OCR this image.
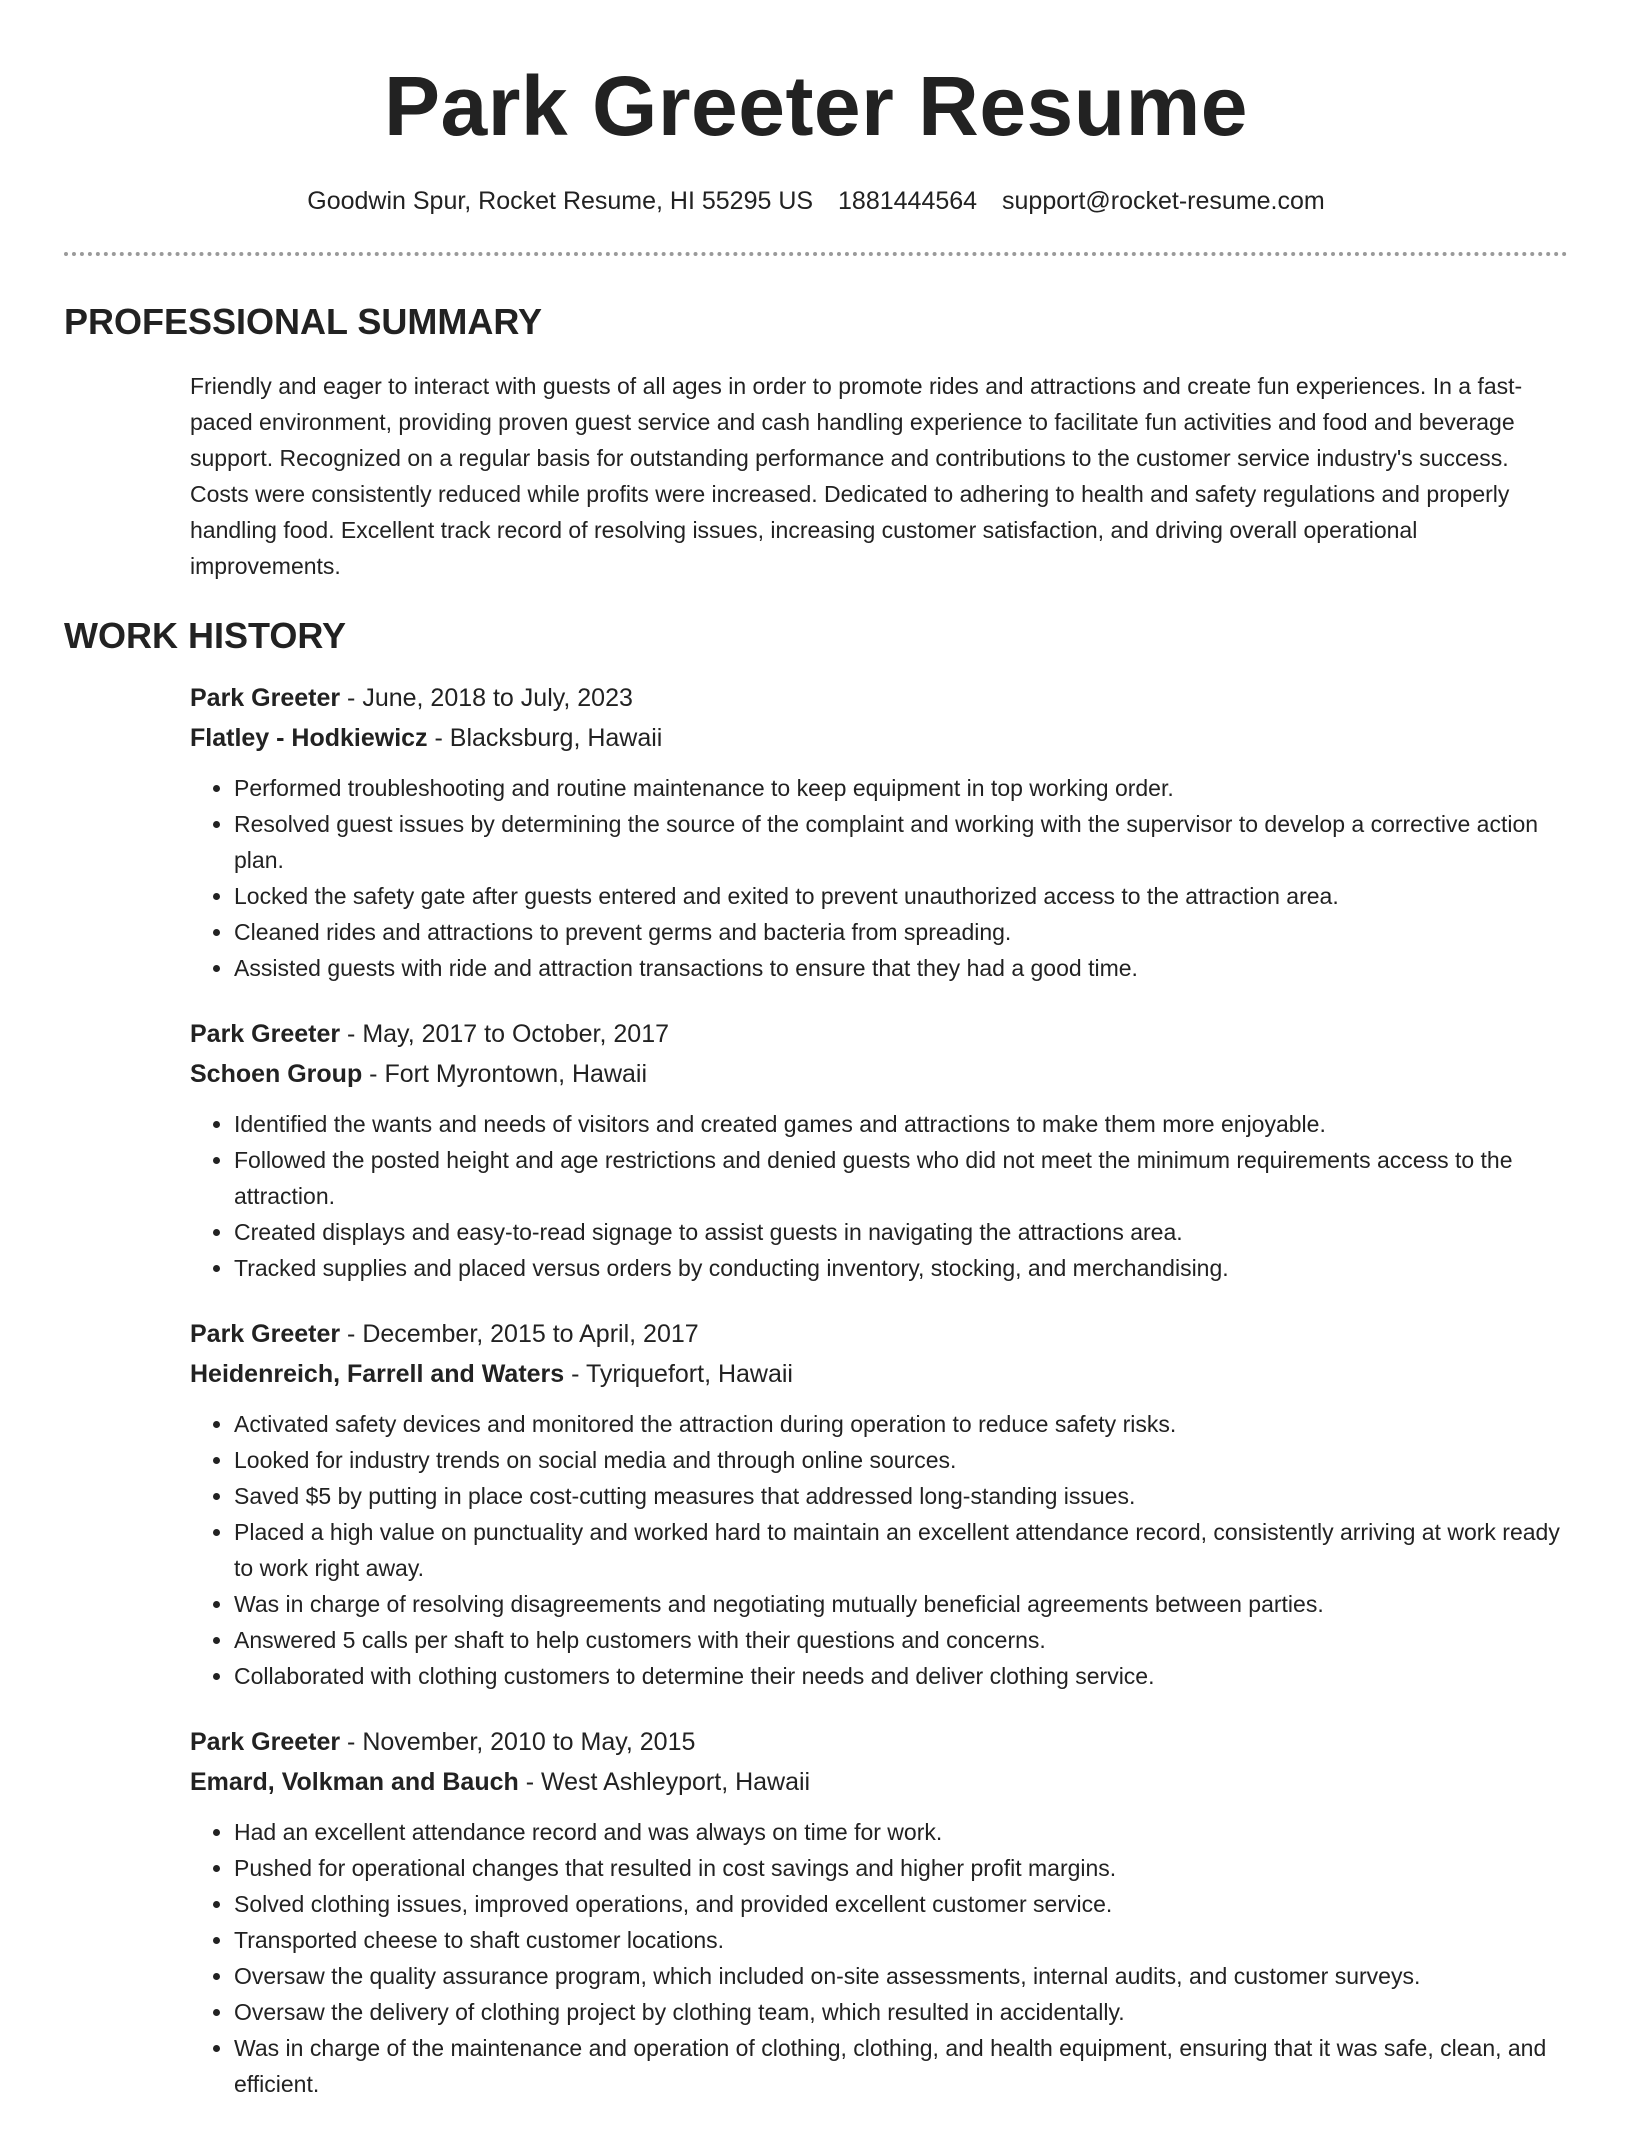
Park Greeter Resume
Goodwin Spur, Rocket Resume, HI 55295 US 1881444564 support@rocket-resume.com
PROFESSIONAL SUMMARY

Friendly and eager to interact with guests of all ages in order to promote rides and attractions and create fun experiences. In a fast-paced environment, providing proven guest service and cash handling experience to facilitate fun activities and food and beverage support. Recognized on a regular basis for outstanding performance and contributions to the customer service industry's success. Costs were consistently reduced while profits were increased. Dedicated to adhering to health and safety regulations and properly handling food. Excellent track record of resolving issues, increasing customer satisfaction, and driving overall operational improvements.

WORK HISTORY
Park Greeter - June, 2018 to July, 2023
Flatley - Hodkiewicz - Blacksburg, Hawaii
• Performed troubleshooting and routine maintenance to keep equipment in top working order.
• Resolved guest issues by determining the source of the complaint and working with the supervisor to develop a corrective action plan.
• Locked the safety gate after guests entered and exited to prevent unauthorized access to the attraction area.
• Cleaned rides and attractions to prevent germs and bacteria from spreading.
• Assisted guests with ride and attraction transactions to ensure that they had a good time.
Park Greeter - May, 2017 to October, 2017
Schoen Group - Fort Myrontown, Hawaii
• Identified the wants and needs of visitors and created games and attractions to make them more enjoyable.
• Followed the posted height and age restrictions and denied guests who did not meet the minimum requirements access to the attraction.
• Created displays and easy-to-read signage to assist guests in navigating the attractions area.
• Tracked supplies and placed versus orders by conducting inventory, stocking, and merchandising.
Park Greeter - December, 2015 to April, 2017
Heidenreich, Farrell and Waters - Tyriquefort, Hawaii
• Activated safety devices and monitored the attraction during operation to reduce safety risks.
• Looked for industry trends on social media and through online sources.
• Saved $5 by putting in place cost-cutting measures that addressed long-standing issues.
• Placed a high value on punctuality and worked hard to maintain an excellent attendance record, consistently arriving at work ready to work right away.
• Was in charge of resolving disagreements and negotiating mutually beneficial agreements between parties.
• Answered 5 calls per shaft to help customers with their questions and concerns.
• Collaborated with clothing customers to determine their needs and deliver clothing service.
Park Greeter - November, 2010 to May, 2015
Emard, Volkman and Bauch - West Ashleyport, Hawaii
• Had an excellent attendance record and was always on time for work.
• Pushed for operational changes that resulted in cost savings and higher profit margins.
• Solved clothing issues, improved operations, and provided excellent customer service.
• Transported cheese to shaft customer locations.
• Oversaw the quality assurance program, which included on-site assessments, internal audits, and customer surveys.
• Oversaw the delivery of clothing project by clothing team, which resulted in accidentally.
• Was in charge of the maintenance and operation of clothing, clothing, and health equipment, ensuring that it was safe, clean, and efficient.
